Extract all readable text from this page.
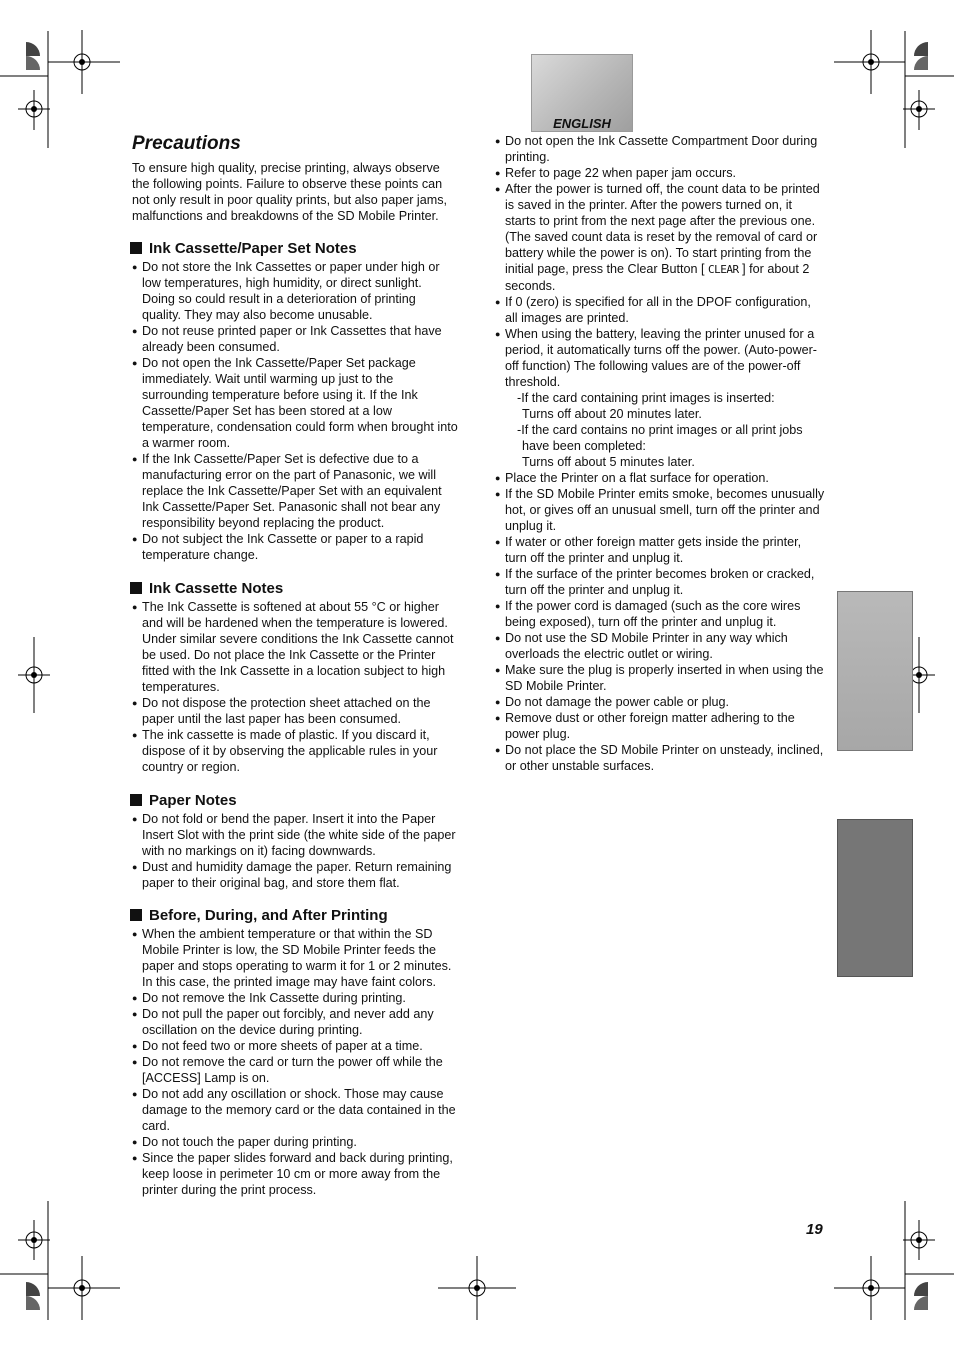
ENGLISH
Precautions
To ensure high quality, precise printing, always observe the following points. Failure to observe these points can not only result in poor quality prints, but also paper jams, malfunctions and breakdowns of the SD Mobile Printer.
Ink Cassette/Paper Set Notes
● Do not store the Ink Cassettes or paper under high or low temperatures, high humidity, or direct sunlight. Doing so could result in a deterioration of printing quality. They may also become unusable.
● Do not reuse printed paper or Ink Cassettes that have already been consumed.
● Do not open the Ink Cassette/Paper Set package immediately. Wait until warming up just to the surrounding temperature before using it. If the Ink Cassette/Paper Set has been stored at a low temperature, condensation could form when brought into a warmer room.
● If the Ink Cassette/Paper Set is defective due to a manufacturing error on the part of Panasonic, we will replace the Ink Cassette/Paper Set with an equivalent Ink Cassette/Paper Set. Panasonic shall not bear any responsibility beyond replacing the product.
● Do not subject the Ink Cassette or paper to a rapid temperature change.
Ink Cassette Notes
● The Ink Cassette is softened at about 55 °C or higher and will be hardened when the temperature is lowered. Under similar severe conditions the Ink Cassette cannot be used. Do not place the Ink Cassette or the Printer fitted with the Ink Cassette in a location subject to high temperatures.
● Do not dispose the protection sheet attached on the paper until the last paper has been consumed.
● The ink cassette is made of plastic. If you discard it, dispose of it by observing the applicable rules in your country or region.
Paper Notes
● Do not fold or bend the paper. Insert it into the Paper Insert Slot with the print side (the white side of the paper with no markings on it) facing downwards.
● Dust and humidity damage the paper. Return remaining paper to their original bag, and store them flat.
Before, During, and After Printing
● When the ambient temperature or that within the SD Mobile Printer is low, the SD Mobile Printer feeds the paper and stops operating to warm it for 1 or 2 minutes. In this case, the printed image may have faint colors.
● Do not remove the Ink Cassette during printing.
● Do not pull the paper out forcibly, and never add any oscillation on the device during printing.
● Do not feed two or more sheets of paper at a time.
● Do not remove the card or turn the power off while the [ACCESS] Lamp is on.
● Do not add any oscillation or shock. Those may cause damage to the memory card or the data contained in the card.
● Do not touch the paper during printing.
● Since the paper slides forward and back during printing, keep loose in perimeter 10 cm or more away from the printer during the print process.
● Do not open the Ink Cassette Compartment Door during printing.
● Refer to page 22 when paper jam occurs.
● After the power is turned off, the count data to be printed is saved in the printer. After the powers turned on, it starts to print from the next page after the previous one. (The saved count data is reset by the removal of card or battery while the power is on). To start printing from the initial page, press the Clear Button [ CLEAR ] for about 2 seconds.
● If 0 (zero) is specified for all in the DPOF configuration, all images are printed.
● When using the battery, leaving the printer unused for a period, it automatically turns off the power. (Auto-power-off function) The following values are of the power-off threshold.
-If the card containing print images is inserted:
Turns off about 20 minutes later.
-If the card contains no print images or all print jobs
have been completed:
Turns off about 5 minutes later.
● Place the Printer on a flat surface for operation.
● If the SD Mobile Printer emits smoke, becomes unusually hot, or gives off an unusual smell, turn off the printer and unplug it.
● If water or other foreign matter gets inside the printer, turn off the printer and unplug it.
● If the surface of the printer becomes broken or cracked, turn off the printer and unplug it.
● If the power cord is damaged (such as the core wires being exposed), turn off the printer and unplug it.
● Do not use the SD Mobile Printer in any way which overloads the electric outlet or wiring.
● Make sure the plug is properly inserted in when using the SD Mobile Printer.
● Do not damage the power cable or plug.
● Remove dust or other foreign matter adhering to the power plug.
● Do not place the SD Mobile Printer on unsteady, inclined, or other unstable surfaces.
19
